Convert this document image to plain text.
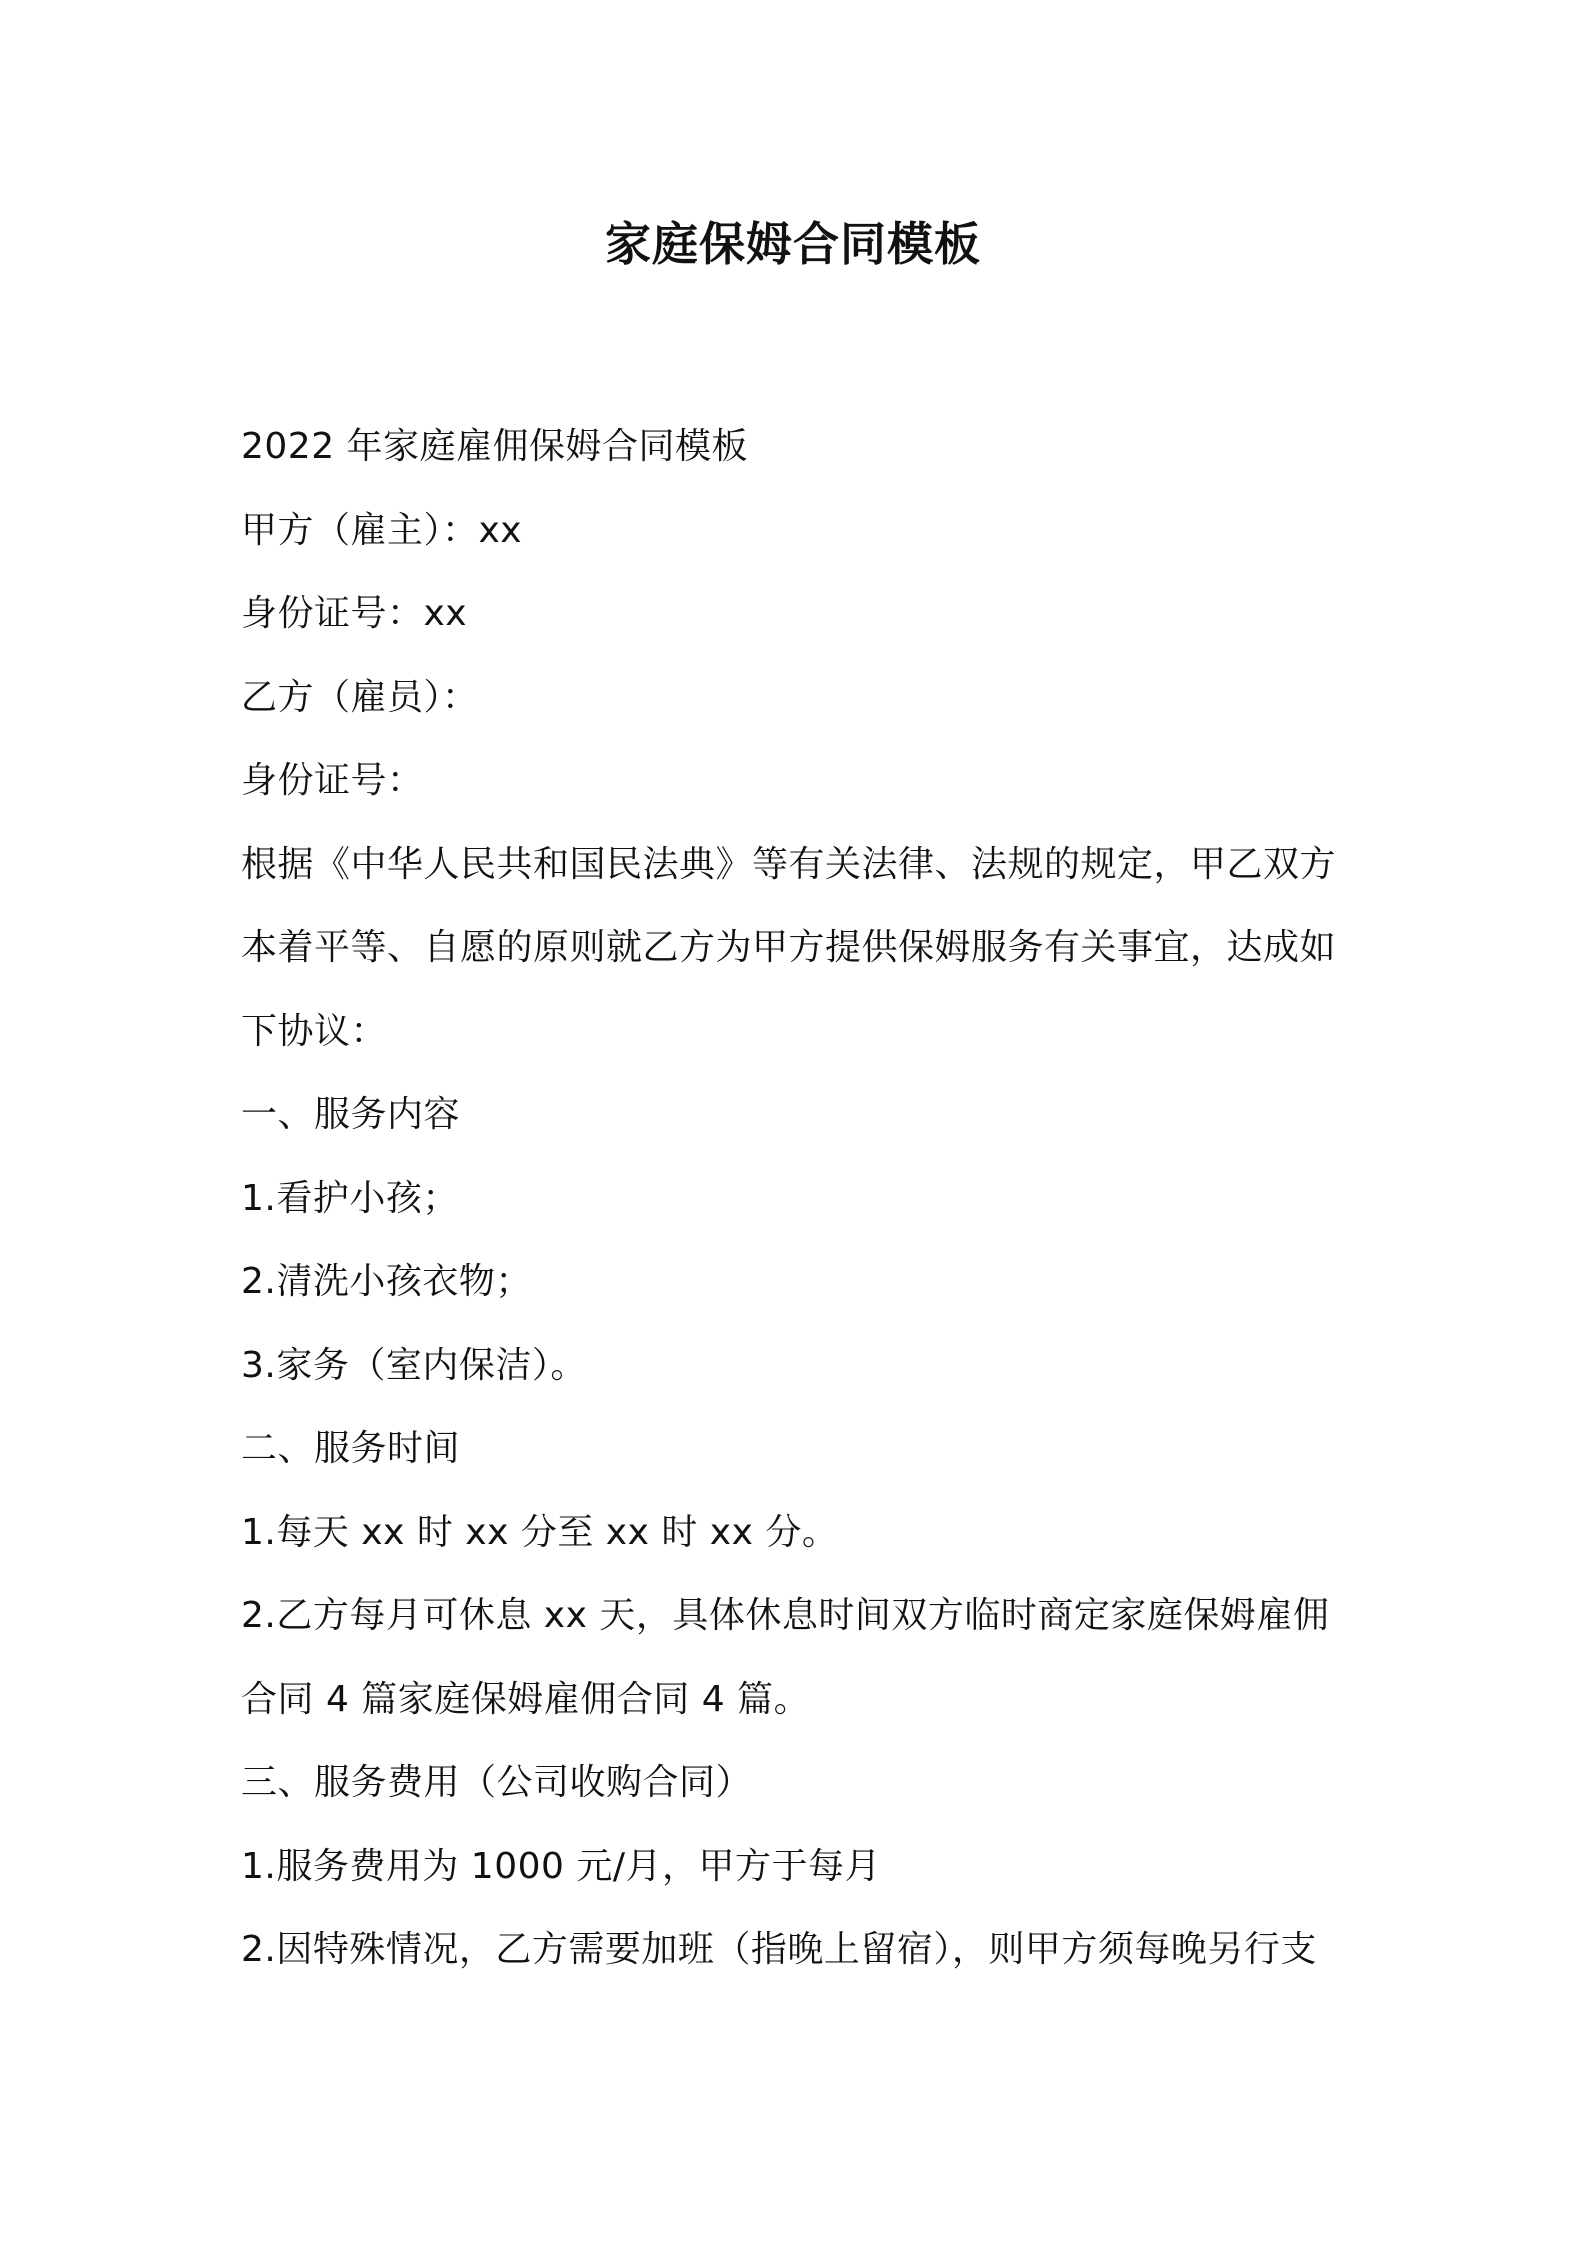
家庭保姆合同模板
2022 年家庭雇佣保姆合同模板
甲方（雇主）：xx
身份证号：xx
乙方（雇员）：
身份证号：
根据《中华人民共和国民法典》等有关法律、法规的规定，甲乙双方
本着平等、自愿的原则就乙方为甲方提供保姆服务有关事宜，达成如
下协议：
一、服务内容
1.看护小孩；
2.清洗小孩衣物；
3.家务（室内保洁）。
二、服务时间
1.每天 xx 时 xx 分至 xx 时 xx 分。
2.乙方每月可休息 xx 天，具体休息时间双方临时商定家庭保姆雇佣
合同 4 篇家庭保姆雇佣合同 4 篇。
三、服务费用（公司收购合同）
1.服务费用为 1000 元/月，甲方于每月
2.因特殊情况，乙方需要加班（指晚上留宿），则甲方须每晚另行支
